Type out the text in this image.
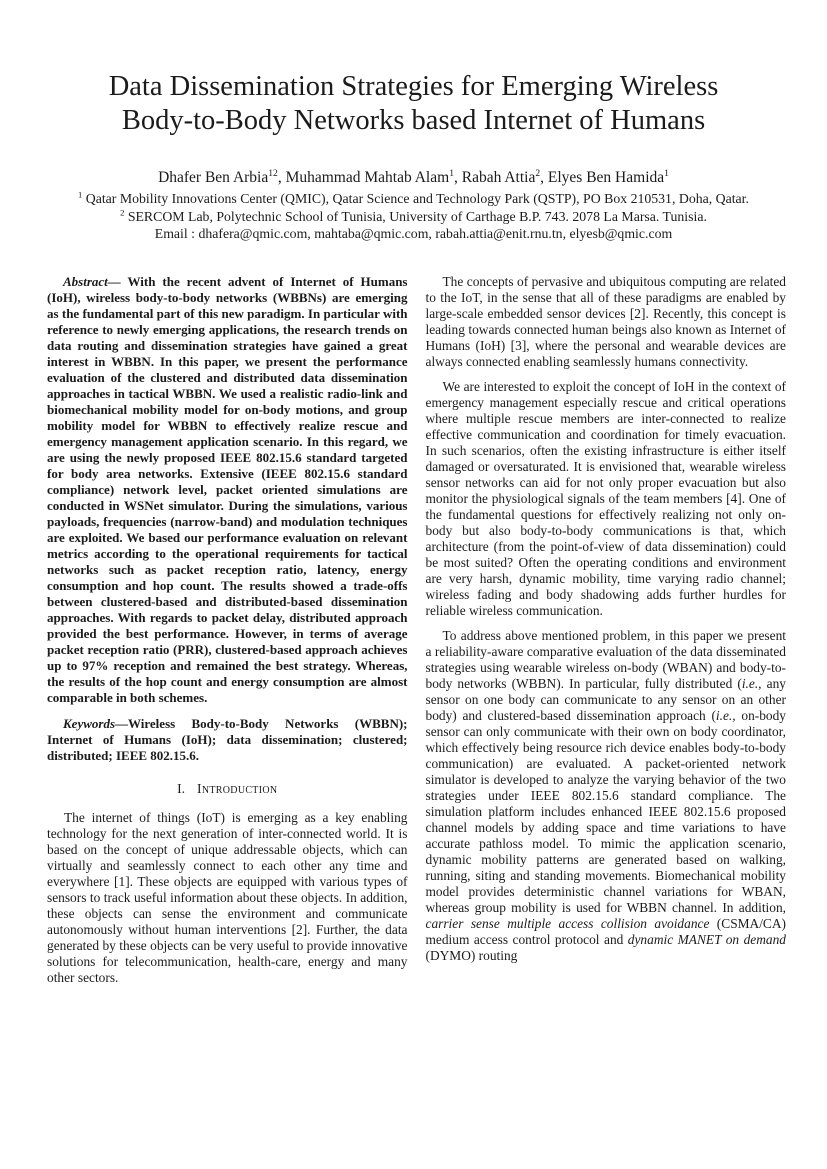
Data Dissemination Strategies for Emerging Wireless
Body-to-Body Networks based Internet of Humans
Dhafer Ben Arbia$^{12}$, Muhammad Mahtab Alam$^1$, Rabah Attia$^2$, Elyes Ben Hamida$^1$
$^1$ Qatar Mobility Innovations Center (QMIC), Qatar Science and Technology Park (QSTP), PO Box 210531, Doha, Qatar.
$^2$ SERCOM Lab, Polytechnic School of Tunisia, University of Carthage B.P. 743. 2078 La Marsa. Tunisia.
Email : dhafera@qmic.com, mahtaba@qmic.com, rabah.attia@enit.rnu.tn, elyesb@qmic.com

Abstract— With the recent advent of Internet of Humans (IoH), wireless body-to-body networks (WBBNs) are emerging as the fundamental part of this new paradigm. In particular with reference to newly emerging applications, the research trends on data routing and dissemination strategies have gained a great interest in WBBN. In this paper, we present the performance evaluation of the clustered and distributed data dissemination approaches in tactical WBBN. We used a realistic radio-link and biomechanical mobility model for on-body motions, and group mobility model for WBBN to effectively realize rescue and emergency management application scenario. In this regard, we are using the newly proposed IEEE 802.15.6 standard targeted for body area networks. Extensive (IEEE 802.15.6 standard compliance) network level, packet oriented simulations are conducted in WSNet simulator. During the simulations, various payloads, frequencies (narrow-band) and modulation techniques are exploited. We based our performance evaluation on relevant metrics according to the operational requirements for tactical networks such as packet reception ratio, latency, energy consumption and hop count. The results showed a trade-offs between clustered-based and distributed-based dissemination approaches. With regards to packet delay, distributed approach provided the best performance. However, in terms of average packet reception ratio (PRR), clustered-based approach achieves up to 97% reception and remained the best strategy. Whereas, the results of the hop count and energy consumption are almost comparable in both schemes.

Keywords—Wireless Body-to-Body Networks (WBBN); Internet of Humans (IoH); data dissemination; clustered; distributed; IEEE 802.15.6.

I. Introduction

The internet of things (IoT) is emerging as a key enabling technology for the next generation of inter-connected world. It is based on the concept of unique addressable objects, which can virtually and seamlessly connect to each other any time and everywhere [1]. These objects are equipped with various types of sensors to track useful information about these objects. In addition, these objects can sense the environment and communicate autonomously without human interventions [2]. Further, the data generated by these objects can be very useful to provide innovative solutions for telecommunication, health-care, energy and many other sectors.

The concepts of pervasive and ubiquitous computing are related to the IoT, in the sense that all of these paradigms are enabled by large-scale embedded sensor devices [2]. Recently, this concept is leading towards connected human beings also known as Internet of Humans (IoH) [3], where the personal and wearable devices are always connected enabling seamlessly humans connectivity.

We are interested to exploit the concept of IoH in the context of emergency management especially rescue and critical operations where multiple rescue members are inter-connected to realize effective communication and coordination for timely evacuation. In such scenarios, often the existing infrastructure is either itself damaged or oversaturated. It is envisioned that, wearable wireless sensor networks can aid for not only proper evacuation but also monitor the physiological signals of the team members [4]. One of the fundamental questions for effectively realizing not only on-body but also body-to-body communications is that, which architecture (from the point-of-view of data dissemination) could be most suited? Often the operating conditions and environment are very harsh, dynamic mobility, time varying radio channel; wireless fading and body shadowing adds further hurdles for reliable wireless communication.

To address above mentioned problem, in this paper we present a reliability-aware comparative evaluation of the data disseminated strategies using wearable wireless on-body (WBAN) and body-to-body networks (WBBN). In particular, fully distributed (i.e., any sensor on one body can communicate to any sensor on an other body) and clustered-based dissemination approach (i.e., on-body sensor can only communicate with their own on body coordinator, which effectively being resource rich device enables body-to-body communication) are evaluated. A packet-oriented network simulator is developed to analyze the varying behavior of the two strategies under IEEE 802.15.6 standard compliance. The simulation platform includes enhanced IEEE 802.15.6 proposed channel models by adding space and time variations to have accurate pathloss model. To mimic the application scenario, dynamic mobility patterns are generated based on walking, running, siting and standing movements. Biomechanical mobility model provides deterministic channel variations for WBAN, whereas group mobility is used for WBBN channel. In addition, carrier sense multiple access collision avoidance (CSMA/CA) medium access control protocol and dynamic MANET on demand (DYMO) routing
